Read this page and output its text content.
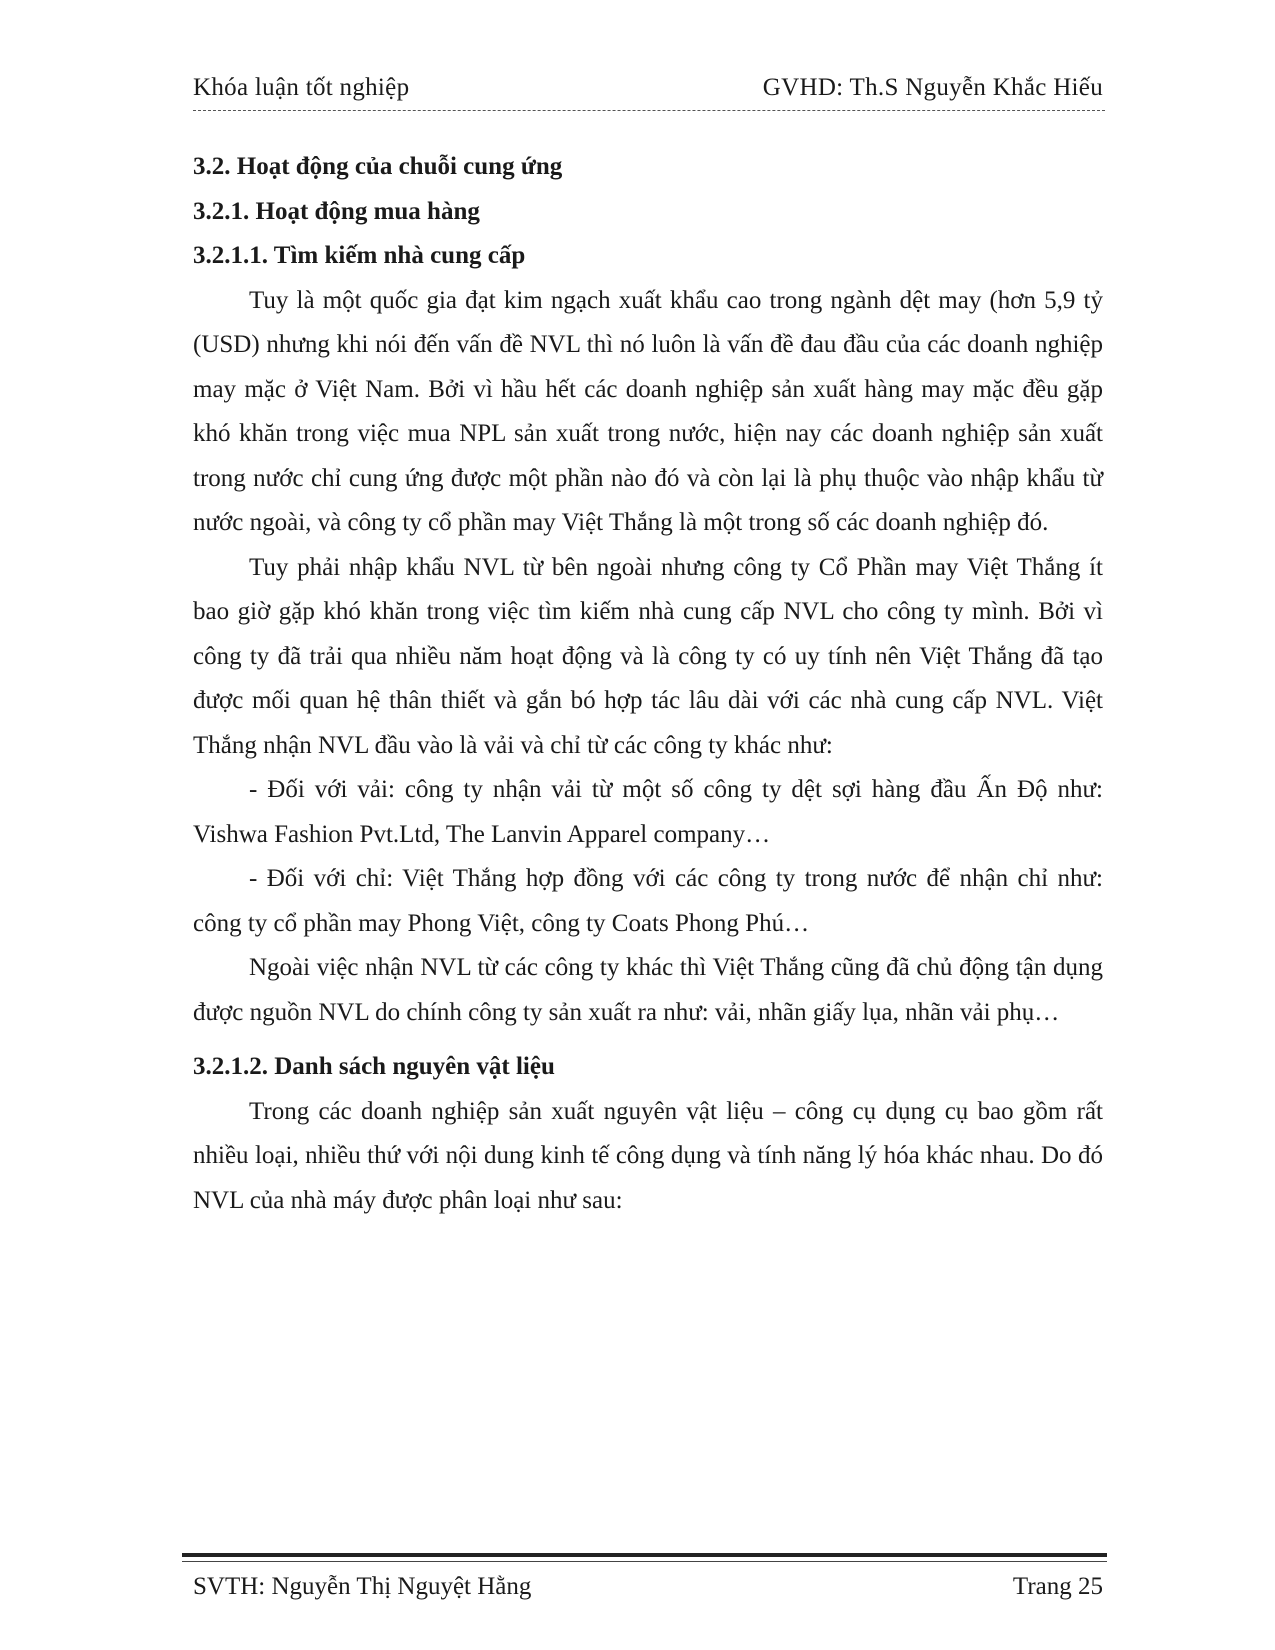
Khóa luận tốt nghiệp	GVHD: Th.S Nguyễn Khắc Hiếu
3.2. Hoạt động của chuỗi cung ứng
3.2.1. Hoạt động mua hàng
3.2.1.1. Tìm kiếm nhà cung cấp

Tuy là một quốc gia đạt kim ngạch xuất khẩu cao trong ngành dệt may (hơn 5,9 tỷ (USD) nhưng khi nói đến vấn đề NVL thì nó luôn là vấn đề đau đầu của các doanh nghiệp may mặc ở Việt Nam. Bởi vì hầu hết các doanh nghiệp sản xuất hàng may mặc đều gặp khó khăn trong việc mua NPL sản xuất trong nước, hiện nay các doanh nghiệp sản xuất trong nước chỉ cung ứng được một phần nào đó và còn lại là phụ thuộc vào nhập khẩu từ nước ngoài, và công ty cổ phần may Việt Thắng là một trong số các doanh nghiệp đó.

Tuy phải nhập khẩu NVL từ bên ngoài nhưng công ty Cổ Phần may Việt Thắng ít bao giờ gặp khó khăn trong việc tìm kiếm nhà cung cấp NVL cho công ty mình. Bởi vì công ty đã trải qua nhiều năm hoạt động và là công ty có uy tính nên Việt Thắng đã tạo được mối quan hệ thân thiết và gắn bó hợp tác lâu dài với các nhà cung cấp NVL. Việt Thắng nhận NVL đầu vào là vải và chỉ từ các công ty khác như:

- Đối với vải: công ty nhận vải từ một số công ty dệt sợi hàng đầu Ấn Độ như: Vishwa Fashion Pvt.Ltd, The Lanvin Apparel company…

- Đối với chỉ: Việt Thắng hợp đồng với các công ty trong nước để nhận chỉ như: công ty cổ phần may Phong Việt, công ty Coats Phong Phú…

Ngoài việc nhận NVL từ các công ty khác thì Việt Thắng cũng đã chủ động tận dụng được nguồn NVL do chính công ty sản xuất ra như: vải, nhãn giấy lụa, nhãn vải phụ…

3.2.1.2. Danh sách nguyên vật liệu

Trong các doanh nghiệp sản xuất nguyên vật liệu – công cụ dụng cụ bao gồm rất nhiều loại, nhiều thứ với nội dung kinh tế công dụng và tính năng lý hóa khác nhau. Do đó NVL của nhà máy được phân loại như sau:

SVTH: Nguyễn Thị Nguyệt Hằng	Trang 25
